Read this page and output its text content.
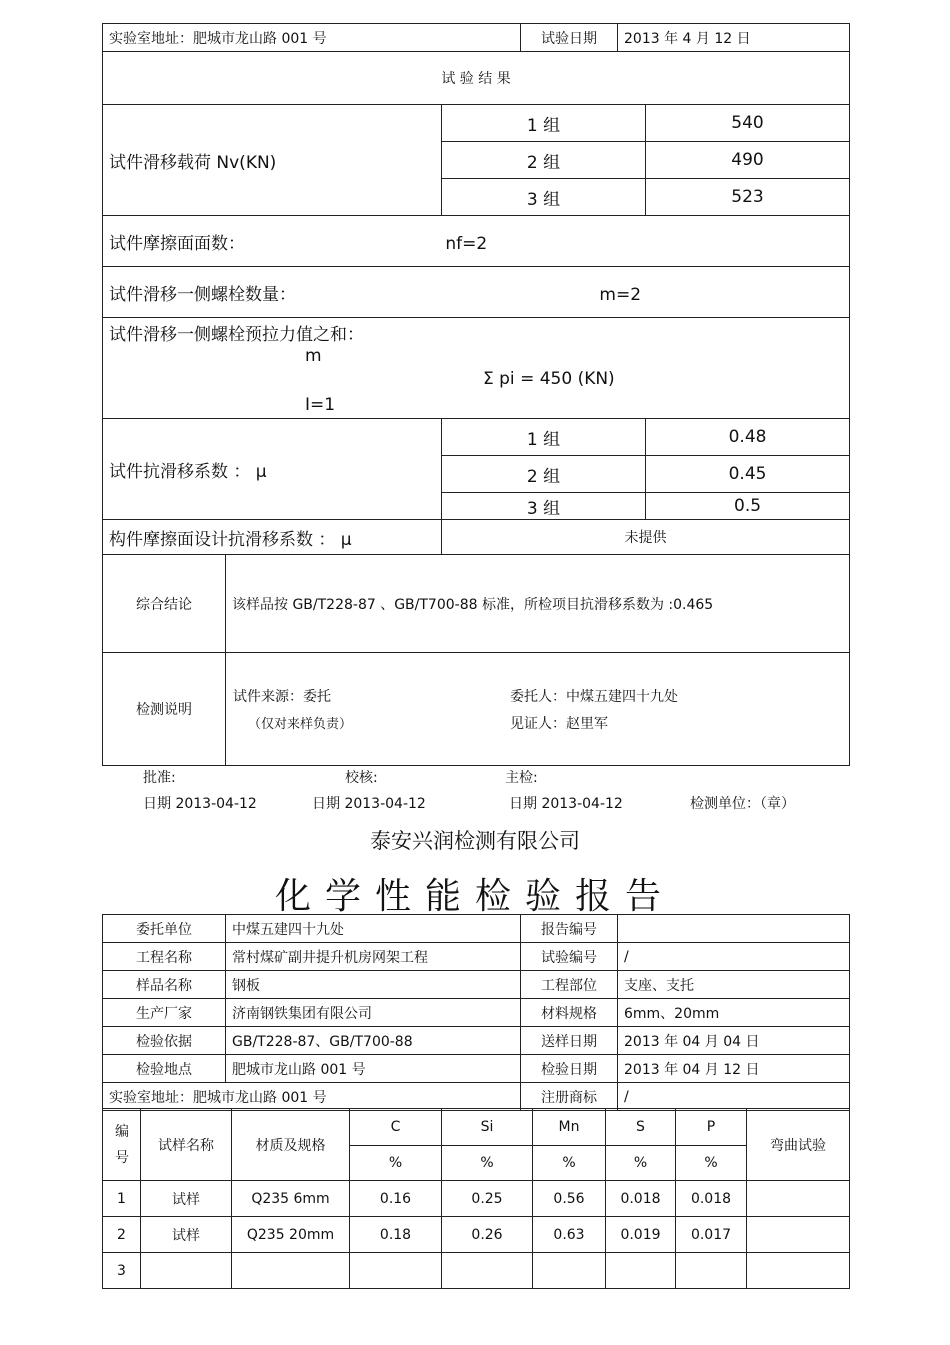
实验室地址：肥城市龙山路 001 号	试验日期	2013 年 4 月 12 日
试 验 结 果			
试件滑移载荷 Nv(KN)		1 组	540
		2 组	490
		3 组	523
试件摩擦面面数： nf=2			
试件滑移一侧螺栓数量： m=2			

试件滑移一侧螺栓预拉力值之和：
m
Σ pi = 450 (KN)
I=1			

试件抗滑移系数 ： μ		1 组	0.48
		2 组	0.45
		3 组	0.5
构件摩擦面设计抗滑移系数 ： μ		未提供	
综合结论	该样品按 GB/T228-87 、GB/T700-88 标准，所检项目抗滑移系数为 :0.465		
检测说明	试件来源：委托
（仅对来样负责）
委托人：中煤五建四十九处
见证人：赵里军		
批准:	校核:	主检:
日期 2013-04-12	日期 2013-04-12	日期 2013-04-12	检测单位：（章）
泰安兴润检测有限公司
化学性能检验报告
委托单位	中煤五建四十九处	报告编号	
工程名称	常村煤矿副井提升机房网架工程	试验编号	/
样品名称	钢板	工程部位	支座、支托
生产厂家	济南钢铁集团有限公司	材料规格	6mm、20mm
检验依据	GB/T228-87、GB/T700-88	送样日期	2013 年 04 月 04 日
检验地点	肥城市龙山路 001 号	检验日期	2013 年 04 月 12 日
实验室地址：肥城市龙山路 001 号		注册商标	/
编号	试样名称	材质及规格	C	Si	Mn	S	P	弯曲试验
			%	%	%	%	%	
1	试样	Q235 6mm	0.16	0.25	0.56	0.018	0.018	
2	试样	Q235 20mm	0.18	0.26	0.63	0.019	0.017	
3								
